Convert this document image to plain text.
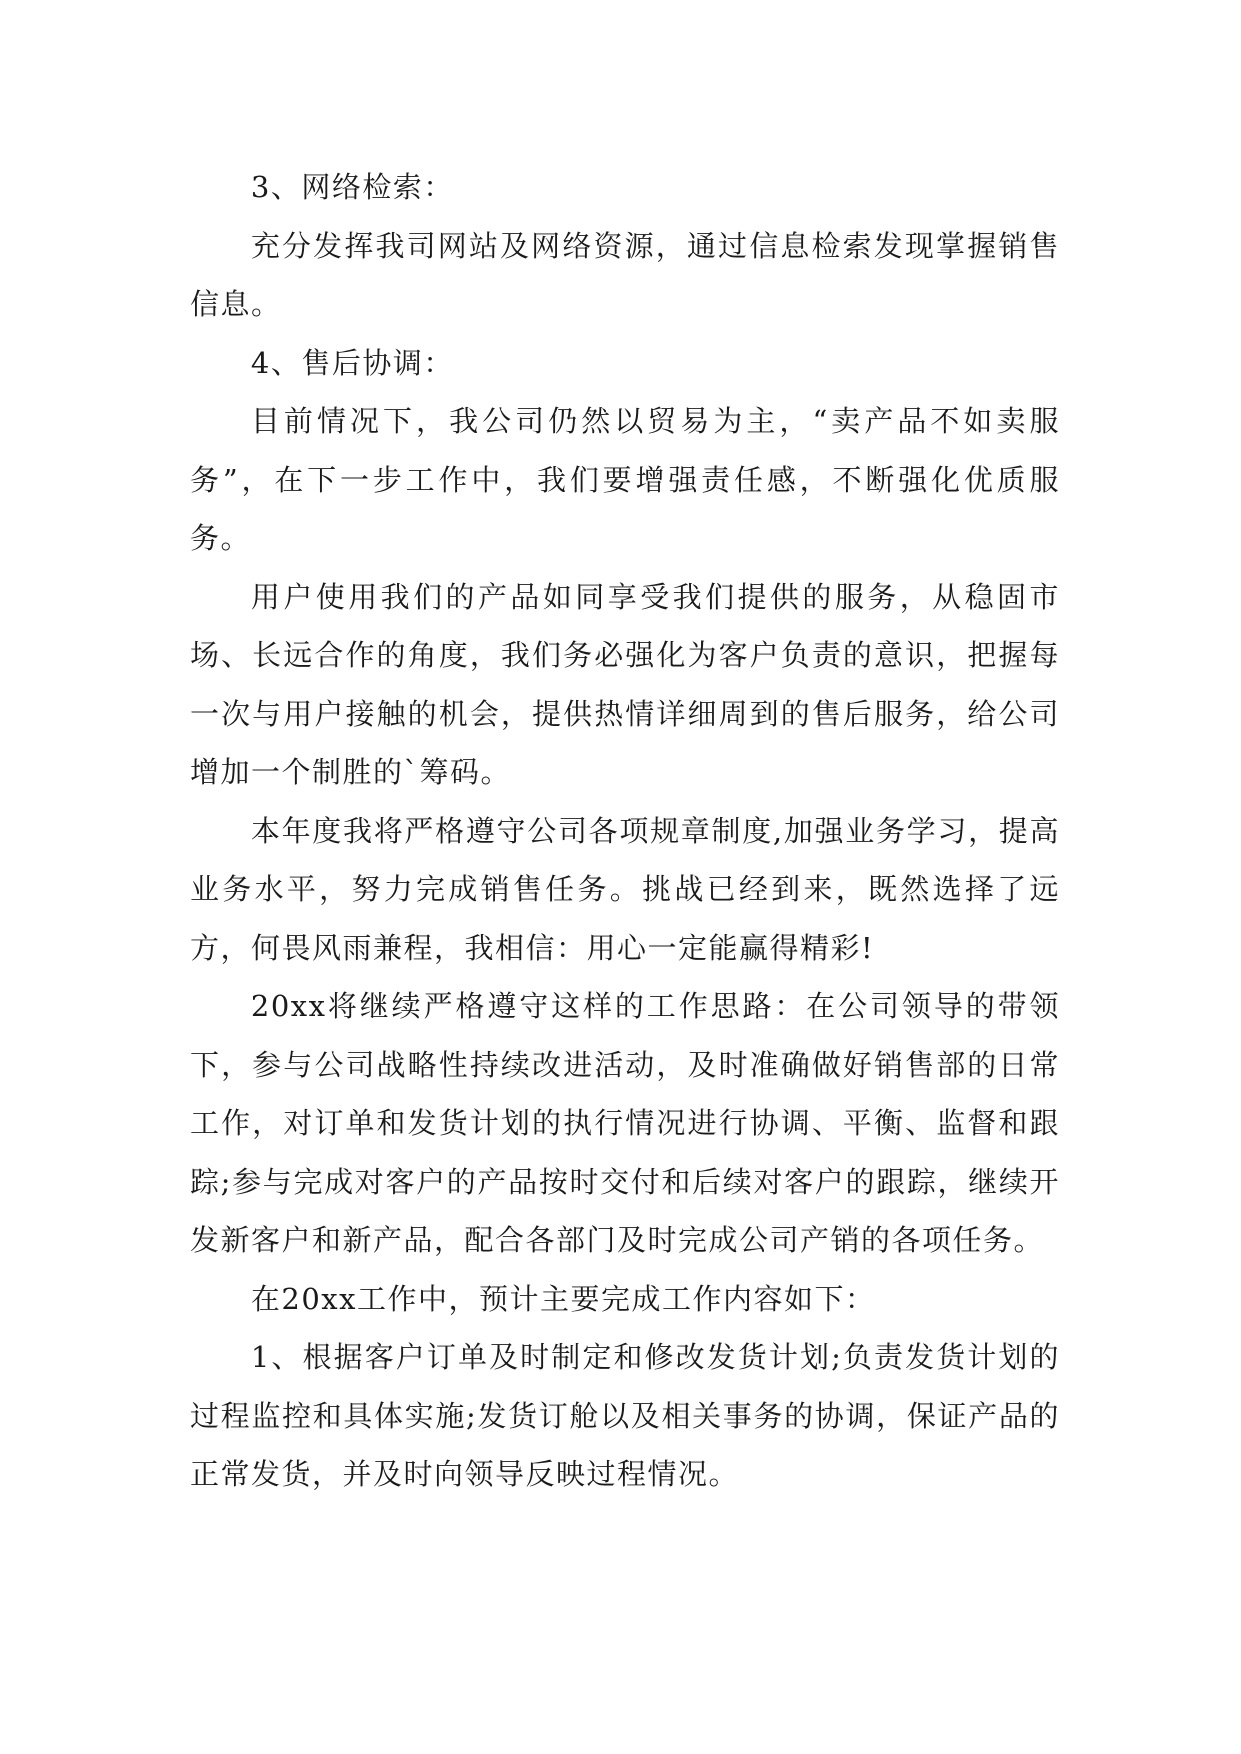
3、网络检索：

充分发挥我司网站及网络资源，通过信息检索发现掌握销售信息。

4、售后协调：

目前情况下，我公司仍然以贸易为主，“卖产品不如卖服务”，在下一步工作中，我们要增强责任感，不断强化优质服务。

用户使用我们的产品如同享受我们提供的服务，从稳固市场、长远合作的角度，我们务必强化为客户负责的意识，把握每一次与用户接触的机会，提供热情详细周到的售后服务，给公司增加一个制胜的`筹码。

本年度我将严格遵守公司各项规章制度,加强业务学习，提高业务水平，努力完成销售任务。挑战已经到来，既然选择了远方，何畏风雨兼程，我相信：用心一定能赢得精彩!

20xx将继续严格遵守这样的工作思路：在公司领导的带领下，参与公司战略性持续改进活动，及时准确做好销售部的日常工作，对订单和发货计划的执行情况进行协调、平衡、监督和跟踪;参与完成对客户的产品按时交付和后续对客户的跟踪，继续开发新客户和新产品，配合各部门及时完成公司产销的各项任务。

在20xx工作中，预计主要完成工作内容如下：

1、根据客户订单及时制定和修改发货计划;负责发货计划的过程监控和具体实施;发货订舱以及相关事务的协调，保证产品的正常发货，并及时向领导反映过程情况。
